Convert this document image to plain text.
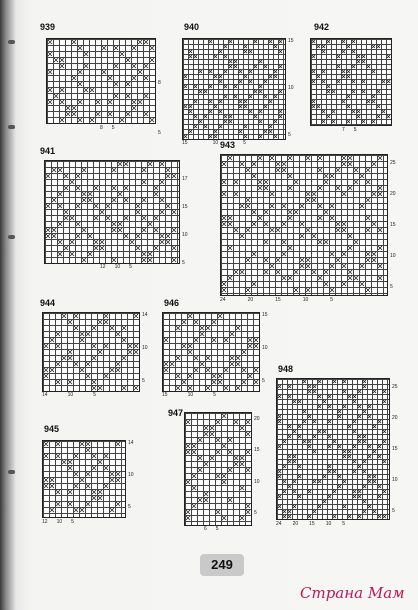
939
8
5
8 5
940
15
10
5
15	10	5
942
7 5
941
17
15
10
5
12 10 5
943
25
20
15
10
5
24	20	15	10	5
944
14
10
5
14	10	5
946
15
10
5
15	10	5
948
25
20
15
10
5
24 20 15 10 5
945
14
10
5
12 10 5
947
20
15
10
5
6 5
249
Страна Мам
